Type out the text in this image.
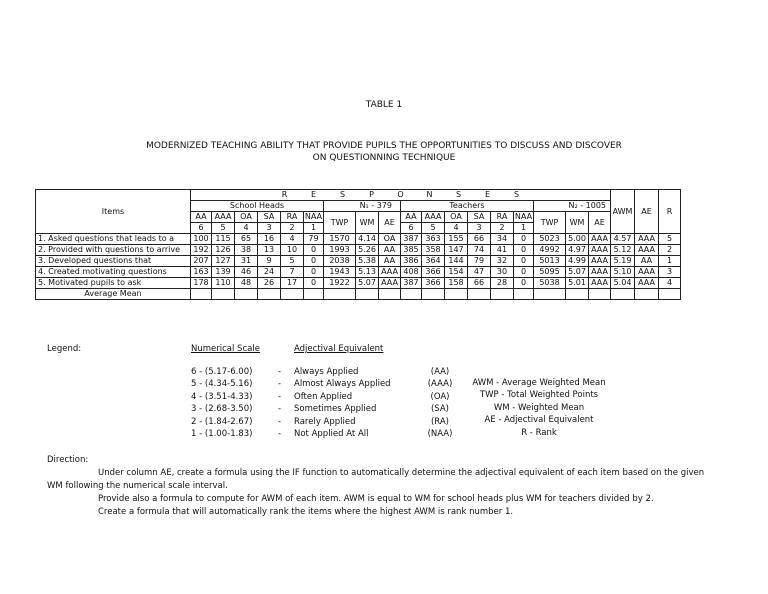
TABLE 1
MODERNIZED TEACHING ABILITY THAT PROVIDE PUPILS THE OPPORTUNITIES TO DISCUSS AND DISCOVER
ON QUESTIONNING TECHNIQUE
Items	R E S P O N S E S																		AWM	AE	R
	School Heads						N₁ - 379			Teachers						N₂ - 1005					
	AA	AAA	OA	SA	RA	NAA	TWP	WM	AE	AA	AAA	OA	SA	RA	NAA	TWP	WM	AE			
	6	5	4	3	2	1				6	5	4	3	2	1						
1. Asked questions that leads to a	100	115	65	16	4	79	1570	4.14	OA	387	363	155	66	34	0	5023	5.00	AAA	4.57	AAA	5
2. Provided with questions to arrive	192	126	38	13	10	0	1993	5.26	AA	385	358	147	74	41	0	4992	4.97	AAA	5.12	AAA	2
3. Developed questions that	207	127	31	9	5	0	2038	5.38	AA	386	364	144	79	32	0	5013	4.99	AAA	5.19	AA	1
4. Created motivating questions	163	139	46	24	7	0	1943	5.13	AAA	408	366	154	47	30	0	5095	5.07	AAA	5.10	AAA	3
5. Motivated pupils to ask	178	110	48	26	17	0	1922	5.07	AAA	387	366	158	66	28	0	5038	5.01	AAA	5.04	AAA	4
Average Mean																					
Legend:	Numerical Scale	Adjectival Equivalent
6 - (5.17-6.00)	- Always Applied	(AA)
5 - (4.34-5.16)	- Almost Always Applied	(AAA)
4 - (3.51-4.33)	- Often Applied	(OA)
3 - (2.68-3.50)	- Sometimes Applied	(SA)
2 - (1.84-2.67)	- Rarely Applied	(RA)
1 - (1.00-1.83)	- Not Applied At All	(NAA)
AWM - Average Weighted Mean
TWP - Total Weighted Points
WM - Weighted Mean
AE - Adjectival Equivalent
R - Rank
Direction:
Under column AE, create a formula using the IF function to automatically determine the adjectival equivalent of each item based on the given
WM following the numerical scale interval.
Provide also a formula to compute for AWM of each item. AWM is equal to WM for school heads plus WM for teachers divided by 2.
Create a formula that will automatically rank the items where the highest AWM is rank number 1.
